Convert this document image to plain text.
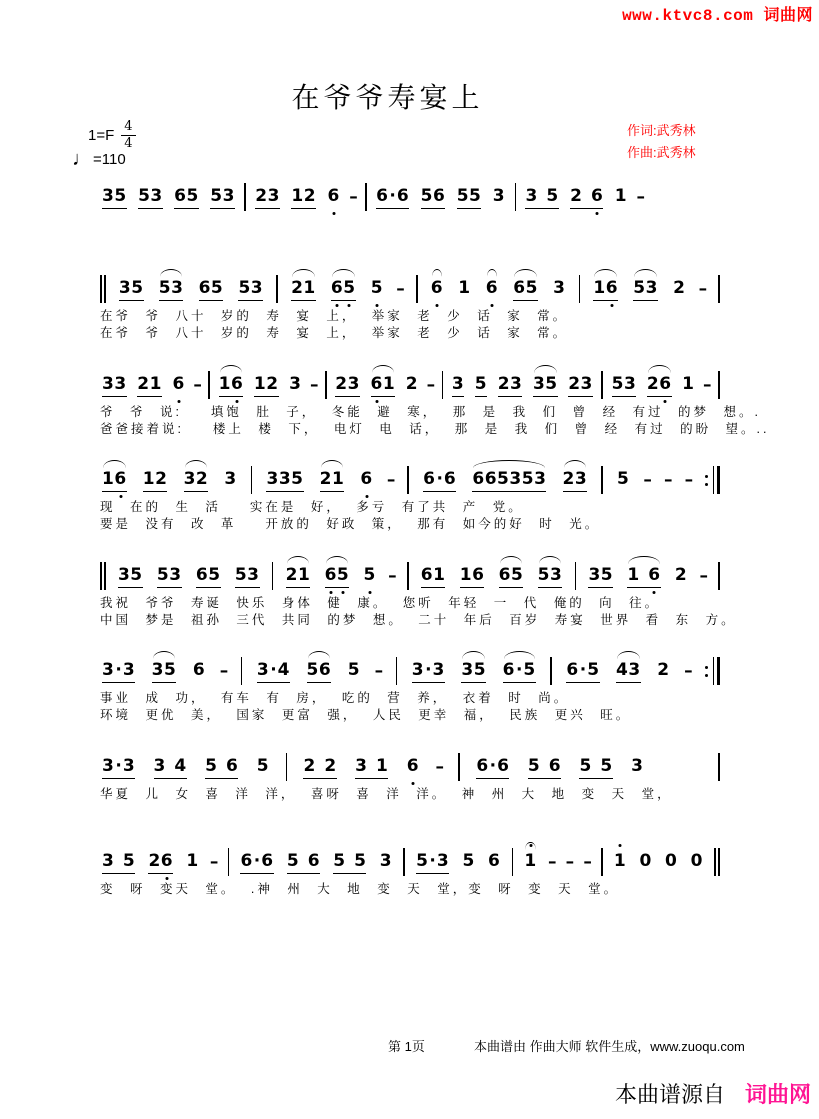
www.ktvc8.com 词曲网
在爷爷寿宴上
$1=F \frac{4}{4}$
♩ =110
作词:武秀林
作曲:武秀林
3 5 5 3 6 5 5 3 2 3 1 2 6 – 6 · 6 5 6 5 5 3 3
    5 2
    6 1 –
3 5 5 3 6 5 5 3 2 1 6 5 5 – 6 1 6 6 5 3 1 6 5 3 2 –
在爷 爷 八十 岁的 寿 宴 上， 举家 老 少 话 家 常。
在爷 爷 八十 岁的 寿 宴 上， 举家 老 少 话 家 常。
3 3 2 1 6 – 1 6 1 2 3 – 2 3 6 1 2 – 3 5 2 3 3 5 2 3 5 3 2 6 1 –
爷 爷 说:  填饱 肚 子， 冬能 避 寒， 那 是 我 们 曾 经 有过 的梦 想。.
爸爸接着说:  楼上 楼 下， 电灯 电 话， 那 是 我 们 曾 经 有过 的盼 望。..
1 6 1 2 3 2 3 3 3 5 2 1 6 – 6 · 6 6 6 5 3 5 3 2 3 5 – – –
现 在的 生 活  实在是 好， 多亏 有了共 产 党。
要是 没有 改 革  开放的 好政 策， 那有 如今的好 时 光。
3 5 5 3 6 5 5 3 2 1 6 5 5 – 6 1 1 6 6 5 5 3 3 5 1
    6 2 –
我祝 爷爷 寿诞 快乐 身体 健 康。 您听 年轻 一 代 俺的 向 往。
中国 梦是 祖孙 三代 共同 的梦 想。 二十 年后 百岁 寿宴 世界 看 东 方。
3 · 3 3 5 6 – 3 · 4 5 6 5 – 3 · 3 3 5 6 · 5 6 · 5 4 3 2 –
事业 成 功， 有车 有 房， 吃的 营 养， 衣着 时 尚。
环境 更优 美， 国家 更富 强， 人民 更幸 福， 民族 更兴 旺。
3 · 3 3
    4 5
    6 5 2
    2 3
    1 6 – 6 · 6 5
    6 5
    5 3
华夏 儿 女 喜 洋 洋， 喜呀 喜 洋 洋。 神 州 大 地 变 天 堂，
3
    5 2 6 1 – 6 · 6 5
    6 5
    5 3 5 · 3 5 6 1 – – – 1 0 0 0
变 呀 变天 堂。 .神 州 大 地 变 天 堂，变 呀 变 天 堂。
第 1页	本曲谱由 作曲大师 软件生成，www.zuoqu.com
本曲谱源自 词曲网
